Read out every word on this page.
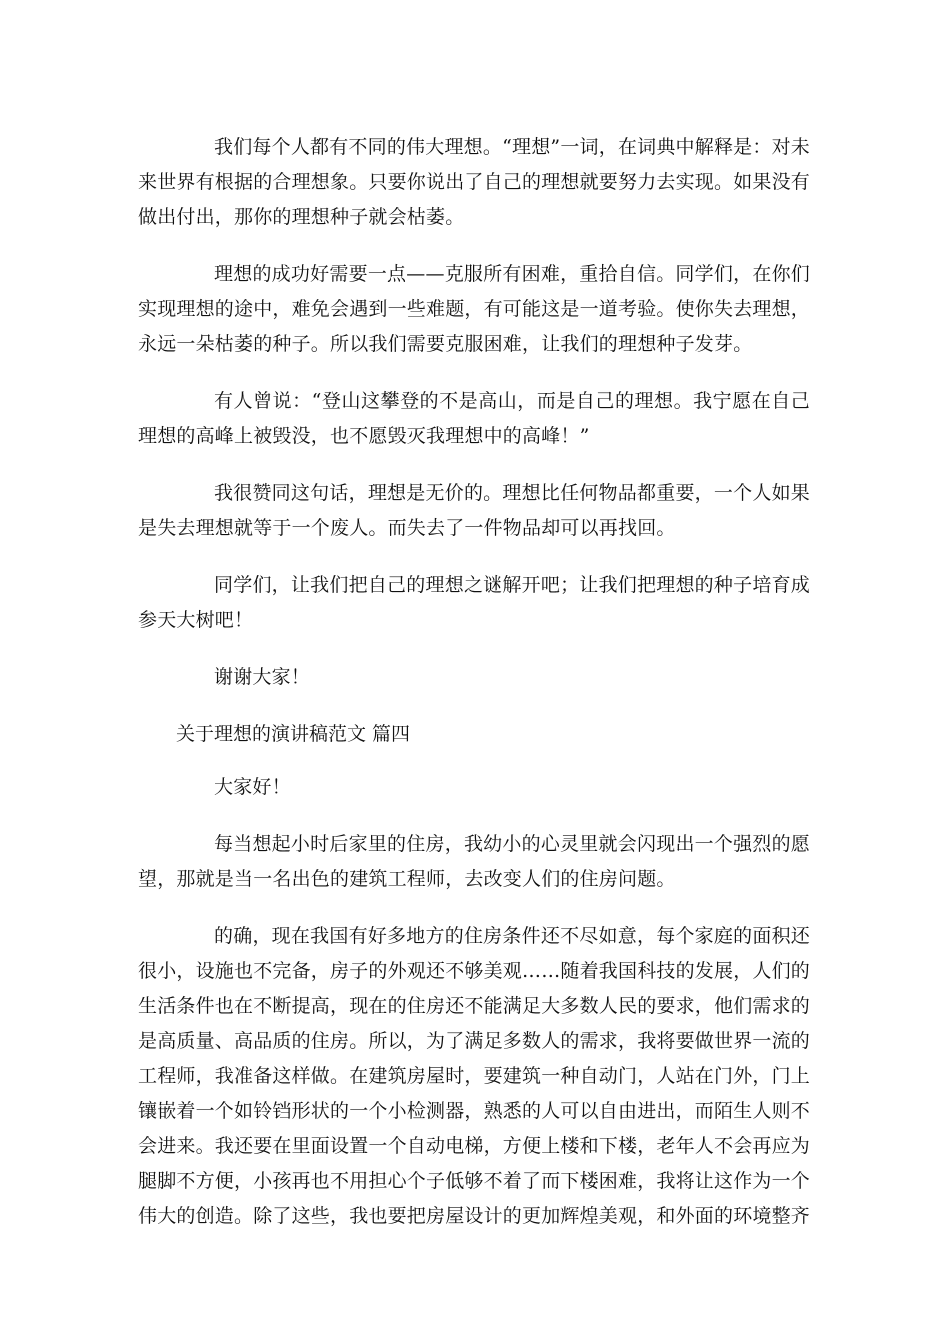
我们每个人都有不同的伟大理想。“理想”一词，在词典中解释是：对未来世界有根据的合理想象。只要你说出了自己的理想就要努力去实现。如果没有做出付出，那你的理想种子就会枯萎。

理想的成功好需要一点——克服所有困难，重拾自信。同学们，在你们实现理想的途中，难免会遇到一些难题，有可能这是一道考验。使你失去理想，永远一朵枯萎的种子。所以我们需要克服困难，让我们的理想种子发芽。

有人曾说：“登山这攀登的不是高山，而是自己的理想。我宁愿在自己理想的高峰上被毁没，也不愿毁灭我理想中的高峰！”

我很赞同这句话，理想是无价的。理想比任何物品都重要，一个人如果是失去理想就等于一个废人。而失去了一件物品却可以再找回。

同学们，让我们把自己的理想之谜解开吧；让我们把理想的种子培育成参天大树吧！

谢谢大家！

关于理想的演讲稿范文 篇四

大家好！

每当想起小时后家里的住房，我幼小的心灵里就会闪现出一个强烈的愿望，那就是当一名出色的建筑工程师，去改变人们的住房问题。

的确，现在我国有好多地方的住房条件还不尽如意，每个家庭的面积还很小，设施也不完备，房子的外观还不够美观……随着我国科技的发展，人们的生活条件也在不断提高，现在的住房还不能满足大多数人民的要求，他们需求的是高质量、高品质的住房。所以，为了满足多数人的需求，我将要做世界一流的工程师，我准备这样做。在建筑房屋时，要建筑一种自动门，人站在门外，门上镶嵌着一个如铃铛形状的一个小检测器，熟悉的人可以自由进出，而陌生人则不会进来。我还要在里面设置一个自动电梯，方便上楼和下楼，老年人不会再应为腿脚不方便，小孩再也不用担心个子低够不着了而下楼困难，我将让这作为一个伟大的创造。除了这些，我也要把房屋设计的更加辉煌美观，和外面的环境整齐
